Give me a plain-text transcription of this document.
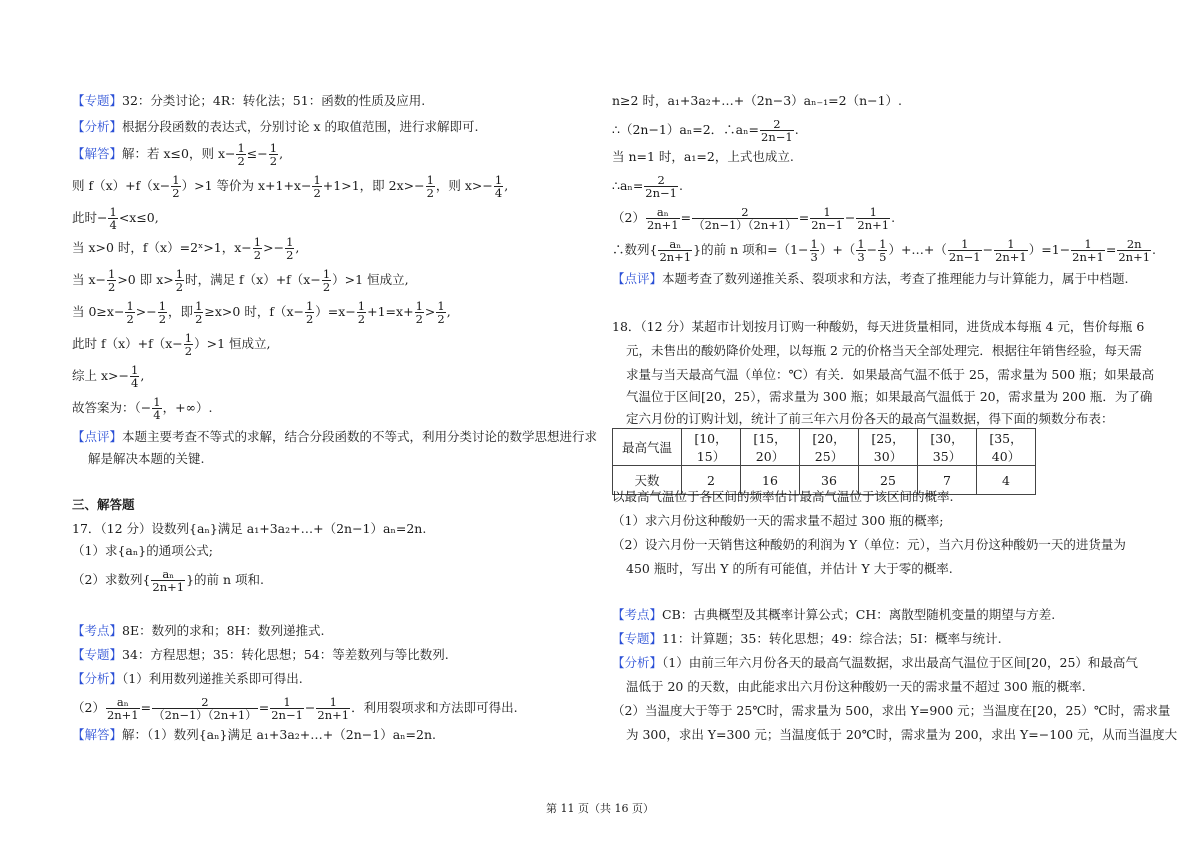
【专题】32：分类讨论；4R：转化法；51：函数的性质及应用.
【分析】根据分段函数的表达式，分别讨论 x 的取值范围，进行求解即可.
【解答】解：若 x≤0，则 $x- \frac{1}{2} \le- \frac{1}{2}$ ,
则 $f(x)+f(x- \frac{1}{2} )>1$ 等价为 $x+1+x- \frac{1}{2} +1>1$，即 $2x>- \frac{1}{2}$ ，则 $x>- \frac{1}{4}$ ,
此时− $\frac{1}{4} <x\le 0$,
当 x>0 时，f（x）=2ˣ>1，$x- \frac{1}{2} >- \frac{1}{2}$ ,
当 $x- \frac{1}{2} >0$ 即 $x> \frac{1}{2}$ 时，满足 $f(x)+f(x- \frac{1}{2} )>1$ 恒成立,
当 $0\ge x- \frac{1}{2} >- \frac{1}{2}$ ，即 $\frac{1}{2} \ge x>0$ 时，$f(x- \frac{1}{2} )=x- \frac{1}{2} +1=x+ \frac{1}{2} > \frac{1}{2}$ ,
此时 $f(x)+f(x- \frac{1}{2} )>1$ 恒成立,
综上 $x>- \frac{1}{4}$ ,
故答案为：（− $\frac{1}{4}$ ，+∞）.
【点评】本题主要考查不等式的求解，结合分段函数的不等式，利用分类讨论的数学思想进行求
解是解决本题的关键.
三、解答题
17．（12 分）设数列{aₙ}满足 a₁+3a₂+…+（2n−1）aₙ=2n.
（1）求{aₙ}的通项公式;
（2）求数列{ $\frac{\text{aₙ}}{2n+1}$ }的前 n 项和.
【考点】8E：数列的求和；8H：数列递推式.
【专题】34：方程思想；35：转化思想；54：等差数列与等比数列.
【分析】（1）利用数列递推关系即可得出.
$(2) \frac{\text{aₙ}}{2n+1} = \frac{2}{(2n-1)(2n+1)} = \frac{1}{2n-1} - \frac{1}{2n+1}$ ．利用裂项求和方法即可得出.
【解答】解：（1）数列{aₙ}满足 a₁+3a₂+…+（2n−1）aₙ=2n.
n≥2 时，a₁+3a₂+…+（2n−3）aₙ₋₁=2（n−1）.
∴（2n−1）aₙ=2．∴aₙ= $\frac{2}{2n-1}$ .
当 n=1 时，a₁=2，上式也成立.
∴aₙ= $\frac{2}{2n-1}$ .
$(2) \frac{\text{aₙ}}{2n+1} = \frac{2}{(2n-1)(2n+1)} = \frac{1}{2n-1} - \frac{1}{2n+1}$ .
∴数列{ $\frac{\text{aₙ}}{2n+1}$ }的前 n 项和$=(1- \frac{1}{3}$ ）+（ $\frac{1}{3} - \frac{1}{5}$ ）+…+（ $\frac{1}{2n-1} - \frac{1}{2n+1} )=1- \frac{1}{2n+1} = \frac{2n}{2n+1}$ .
【点评】本题考查了数列递推关系、裂项求和方法，考查了推理能力与计算能力，属于中档题.
18．（12 分）某超市计划按月订购一种酸奶，每天进货量相同，进货成本每瓶 4 元，售价每瓶 6
元，未售出的酸奶降价处理，以每瓶 2 元的价格当天全部处理完．根据往年销售经验，每天需
求量与当天最高气温（单位：℃）有关．如果最高气温不低于 25，需求量为 500 瓶；如果最高
气温位于区间[20，25），需求量为 300 瓶；如果最高气温低于 20，需求量为 200 瓶．为了确
定六月份的订购计划，统计了前三年六月份各天的最高气温数据，得下面的频数分布表：
最高气温	[10，15）	[15，20）	[20，25）	[25，30）	[30，35）	[35，40）
天数	2	16	36	25	7	4
以最高气温位于各区间的频率估计最高气温位于该区间的概率.
（1）求六月份这种酸奶一天的需求量不超过 300 瓶的概率;
（2）设六月份一天销售这种酸奶的利润为 Y（单位：元），当六月份这种酸奶一天的进货量为
450 瓶时，写出 Y 的所有可能值，并估计 Y 大于零的概率.
【考点】CB：古典概型及其概率计算公式；CH：离散型随机变量的期望与方差.
【专题】11：计算题；35：转化思想；49：综合法；5I：概率与统计.
【分析】（1）由前三年六月份各天的最高气温数据，求出最高气温位于区间[20，25）和最高气
温低于 20 的天数，由此能求出六月份这种酸奶一天的需求量不超过 300 瓶的概率.
（2）当温度大于等于 25℃时，需求量为 500，求出 Y=900 元；当温度在[20，25）℃时，需求量
为 300，求出 Y=300 元；当温度低于 20℃时，需求量为 200，求出 Y=−100 元，从而当温度大
第 11 页（共 16 页）
